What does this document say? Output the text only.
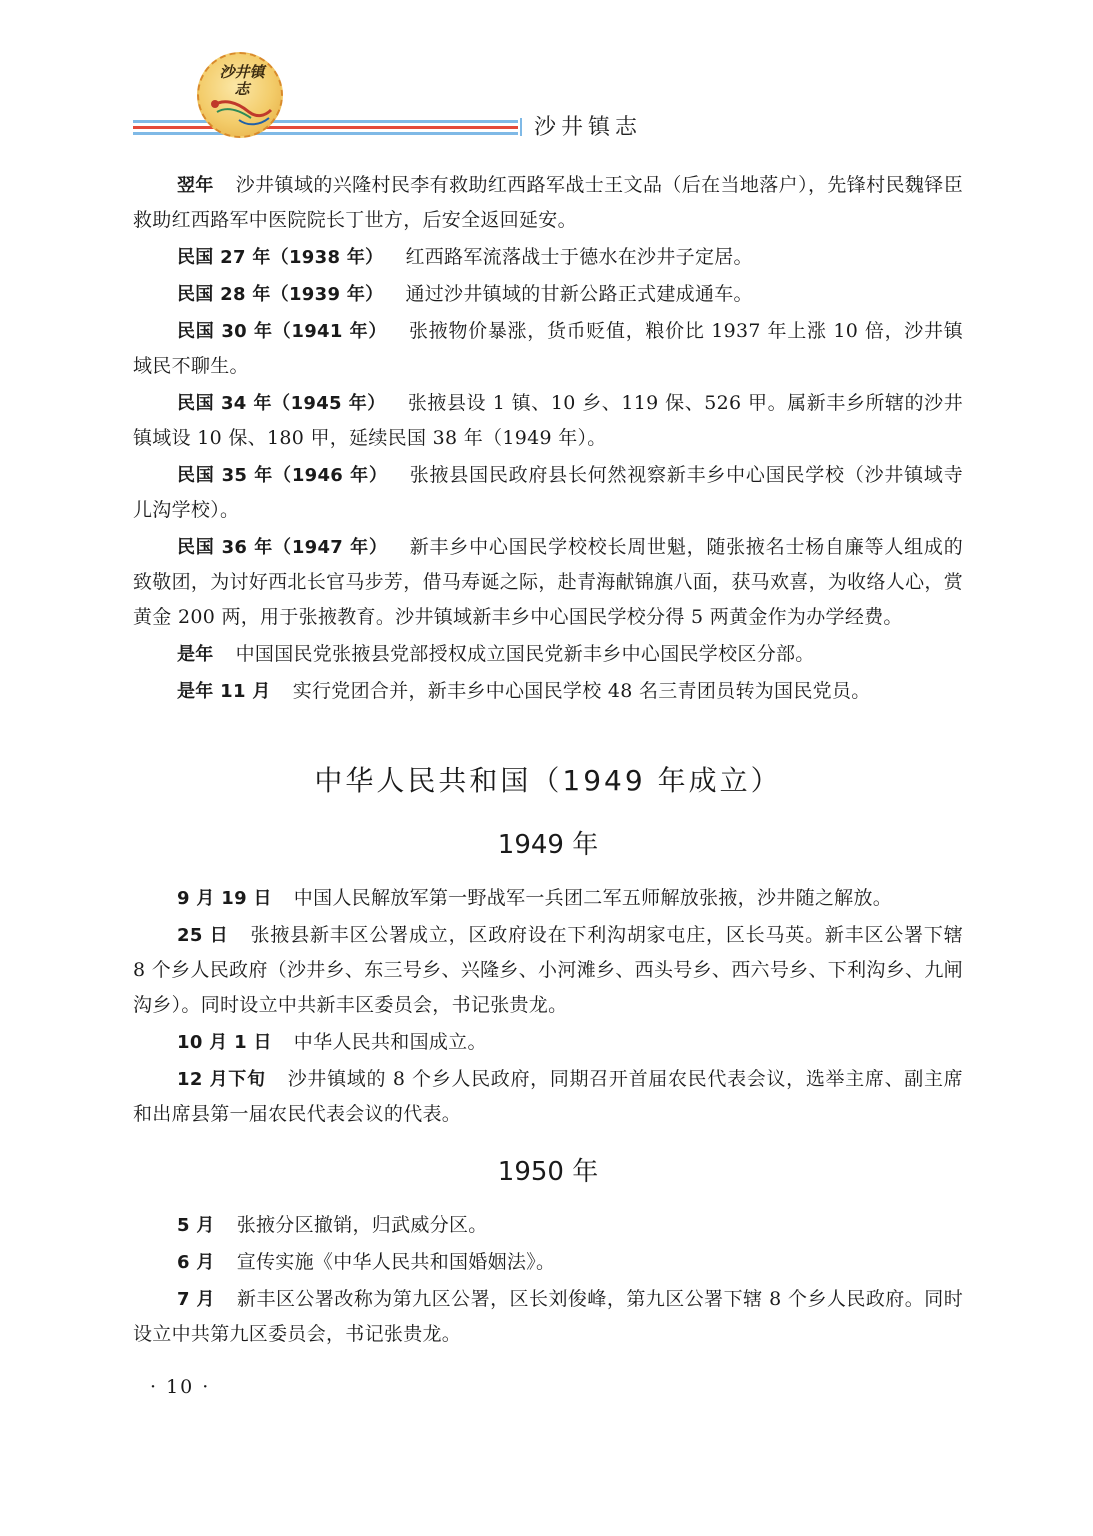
沙井镇志
沙井镇志

翌年 沙井镇域的兴隆村民李有救助红西路军战士王文品（后在当地落户），先锋村民魏铎臣救助红西路军中医院院长丁世方，后安全返回延安。

民国 27 年（1938 年） 红西路军流落战士于德水在沙井子定居。

民国 28 年（1939 年） 通过沙井镇域的甘新公路正式建成通车。

民国 30 年（1941 年） 张掖物价暴涨，货币贬值，粮价比 1937 年上涨 10 倍，沙井镇域民不聊生。

民国 34 年（1945 年） 张掖县设 1 镇、10 乡、119 保、526 甲。属新丰乡所辖的沙井镇域设 10 保、180 甲，延续民国 38 年（1949 年）。

民国 35 年（1946 年） 张掖县国民政府县长何然视察新丰乡中心国民学校（沙井镇域寺儿沟学校）。

民国 36 年（1947 年） 新丰乡中心国民学校校长周世魁，随张掖名士杨自廉等人组成的致敬团，为讨好西北长官马步芳，借马寿诞之际，赴青海献锦旗八面，获马欢喜，为收络人心，赏黄金 200 两，用于张掖教育。沙井镇域新丰乡中心国民学校分得 5 两黄金作为办学经费。

是年 中国国民党张掖县党部授权成立国民党新丰乡中心国民学校区分部。

是年 11 月 实行党团合并，新丰乡中心国民学校 48 名三青团员转为国民党员。

中华人民共和国（1949 年成立）
1949 年

9 月 19 日 中国人民解放军第一野战军一兵团二军五师解放张掖，沙井随之解放。

25 日 张掖县新丰区公署成立，区政府设在下利沟胡家屯庄，区长马英。新丰区公署下辖 8 个乡人民政府（沙井乡、东三号乡、兴隆乡、小河滩乡、西头号乡、西六号乡、下利沟乡、九闸沟乡）。同时设立中共新丰区委员会，书记张贵龙。

10 月 1 日 中华人民共和国成立。

12 月下旬 沙井镇域的 8 个乡人民政府，同期召开首届农民代表会议，选举主席、副主席和出席县第一届农民代表会议的代表。

1950 年

5 月 张掖分区撤销，归武威分区。

6 月 宣传实施《中华人民共和国婚姻法》。

7 月 新丰区公署改称为第九区公署，区长刘俊峰，第九区公署下辖 8 个乡人民政府。同时设立中共第九区委员会，书记张贵龙。

· 10 ·
